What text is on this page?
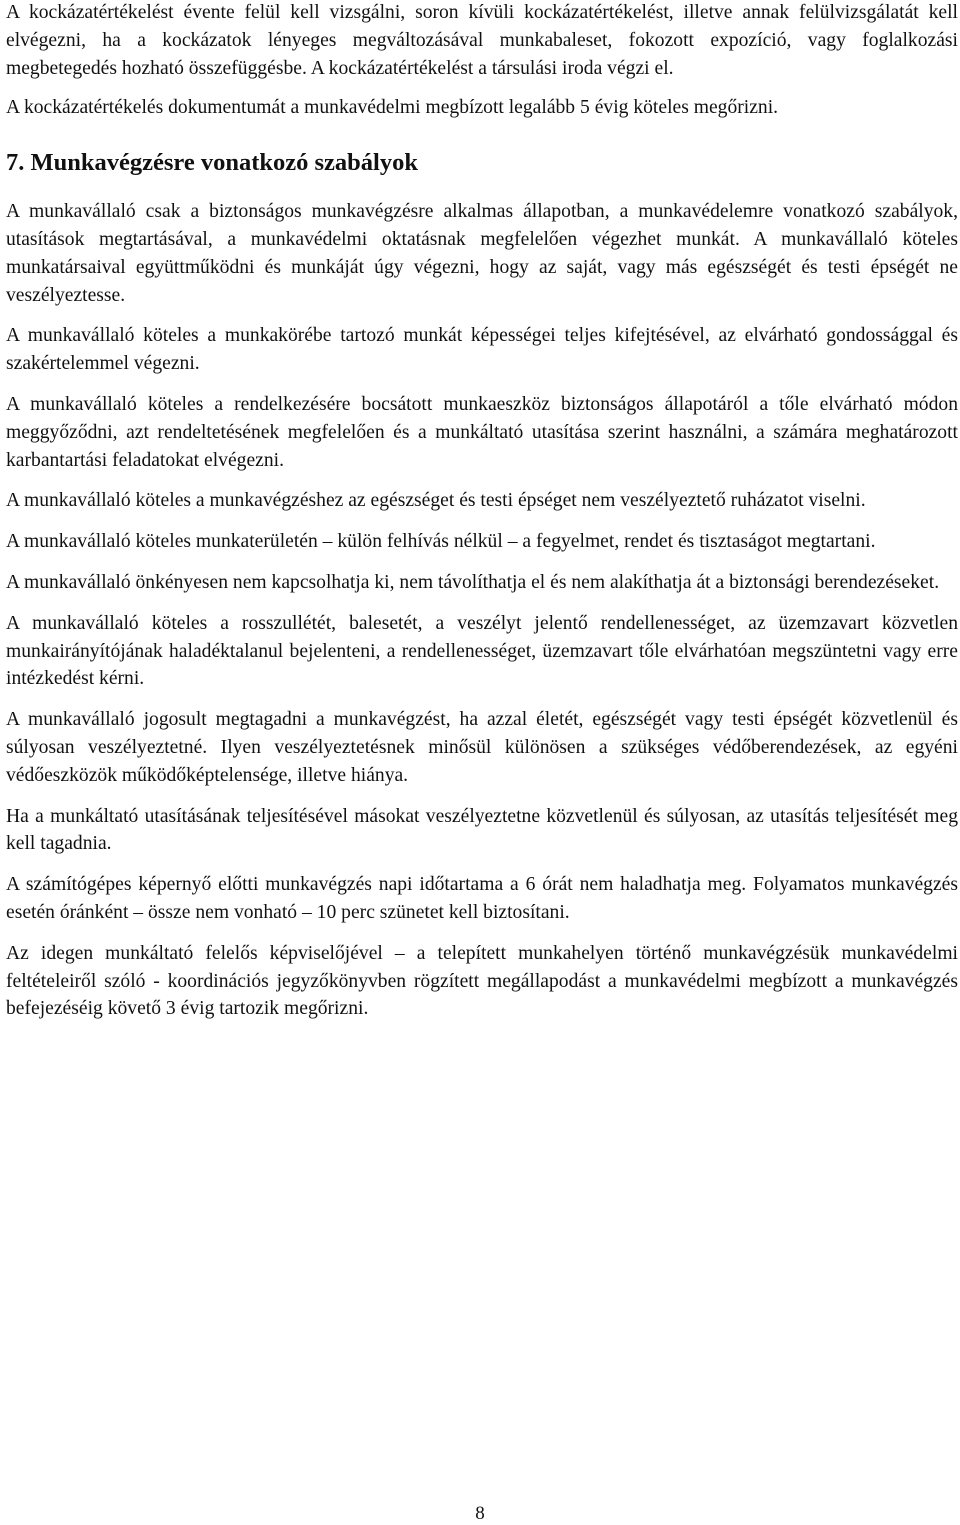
A kockázatértékelést évente felül kell vizsgálni, soron kívüli kockázatértékelést, illetve annak felülvizsgálatát kell elvégezni, ha a kockázatok lényeges megváltozásával munkabaleset, fokozott expozíció, vagy foglalkozási megbetegedés hozható összefüggésbe. A kockázatértékelést a társulási iroda végzi el.

A kockázatértékelés dokumentumát a munkavédelmi megbízott legalább 5 évig köteles megőrizni.

7. Munkavégzésre vonatkozó szabályok

A munkavállaló csak a biztonságos munkavégzésre alkalmas állapotban, a munkavédelemre vonatkozó szabályok, utasítások megtartásával, a munkavédelmi oktatásnak megfelelően végezhet munkát. A munkavállaló köteles munkatársaival együttműködni és munkáját úgy végezni, hogy az saját, vagy más egészségét és testi épségét ne veszélyeztesse.

A munkavállaló köteles a munkakörébe tartozó munkát képességei teljes kifejtésével, az elvárható gondossággal és szakértelemmel végezni.

A munkavállaló köteles a rendelkezésére bocsátott munkaeszköz biztonságos állapotáról a tőle elvárható módon meggyőződni, azt rendeltetésének megfelelően és a munkáltató utasítása szerint használni, a számára meghatározott karbantartási feladatokat elvégezni.

A munkavállaló köteles a munkavégzéshez az egészséget és testi épséget nem veszélyeztető ruházatot viselni.

A munkavállaló köteles munkaterületén – külön felhívás nélkül – a fegyelmet, rendet és tisztaságot megtartani.

A munkavállaló önkényesen nem kapcsolhatja ki, nem távolíthatja el és nem alakíthatja át a biztonsági berendezéseket.

A munkavállaló köteles a rosszullétét, balesetét, a veszélyt jelentő rendellenességet, az üzemzavart közvetlen munkairányítójának haladéktalanul bejelenteni, a rendellenességet, üzemzavart tőle elvárhatóan megszüntetni vagy erre intézkedést kérni.

A munkavállaló jogosult megtagadni a munkavégzést, ha azzal életét, egészségét vagy testi épségét közvetlenül és súlyosan veszélyeztetné. Ilyen veszélyeztetésnek minősül különösen a szükséges védőberendezések, az egyéni védőeszközök működőképtelensége, illetve hiánya.

Ha a munkáltató utasításának teljesítésével másokat veszélyeztetne közvetlenül és súlyosan, az utasítás teljesítését meg kell tagadnia.

A számítógépes képernyő előtti munkavégzés napi időtartama a 6 órát nem haladhatja meg. Folyamatos munkavégzés esetén óránként – össze nem vonható – 10 perc szünetet kell biztosítani.

Az idegen munkáltató felelős képviselőjével – a telepített munkahelyen történő munkavégzésük munkavédelmi feltételeiről szóló - koordinációs jegyzőkönyvben rögzített megállapodást a munkavédelmi megbízott a munkavégzés befejezéséig követő 3 évig tartozik megőrizni.

8
